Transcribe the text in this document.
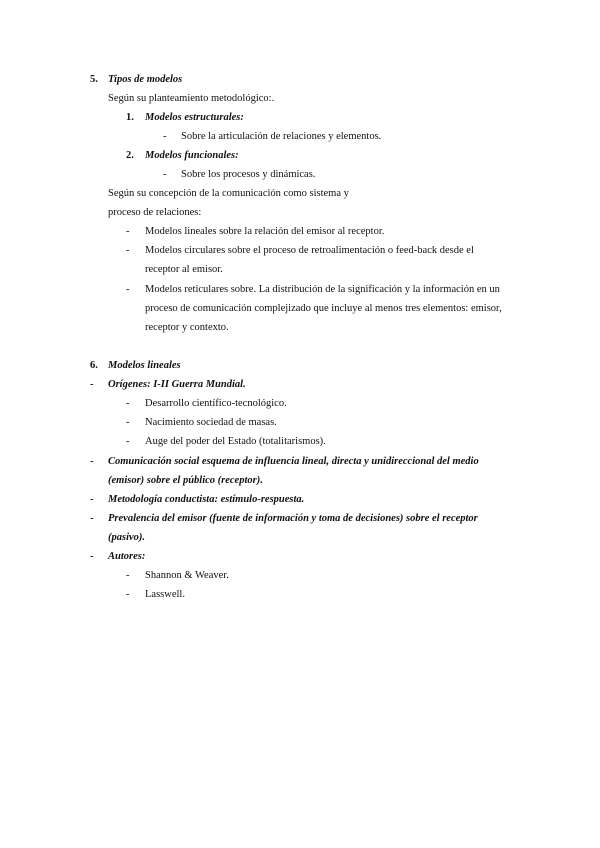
5. Tipos de modelos
Según su planteamiento metodológico:.
1. Modelos estructurales:
- Sobre la articulación de relaciones y elementos.
2. Modelos funcionales:
- Sobre los procesos y dinámicas.
Según su concepción de la comunicación como sistema y
proceso de relaciones:
- Modelos lineales sobre la relación del emisor al receptor.
- Modelos circulares sobre el proceso de retroalimentación o feed-back desde el
receptor al emisor.
- Modelos reticulares sobre. La distribución de la significación y la información en un
proceso de comunicación complejizado que incluye al menos tres elementos: emisor,
receptor y contexto.
6. Modelos lineales
- Orígenes: I-II Guerra Mundial.
- Desarrollo científico-tecnológico.
- Nacimiento sociedad de masas.
- Auge del poder del Estado (totalitarismos).
- Comunicación social esquema de influencia lineal, directa y unidireccional del medio
(emisor) sobre el público (receptor).
- Metodología conductista: estímulo-respuesta.
- Prevalencia del emisor (fuente de información y toma de decisiones) sobre el receptor
(pasivo).
- Autores:
- Shannon & Weaver.
- Lasswell.
